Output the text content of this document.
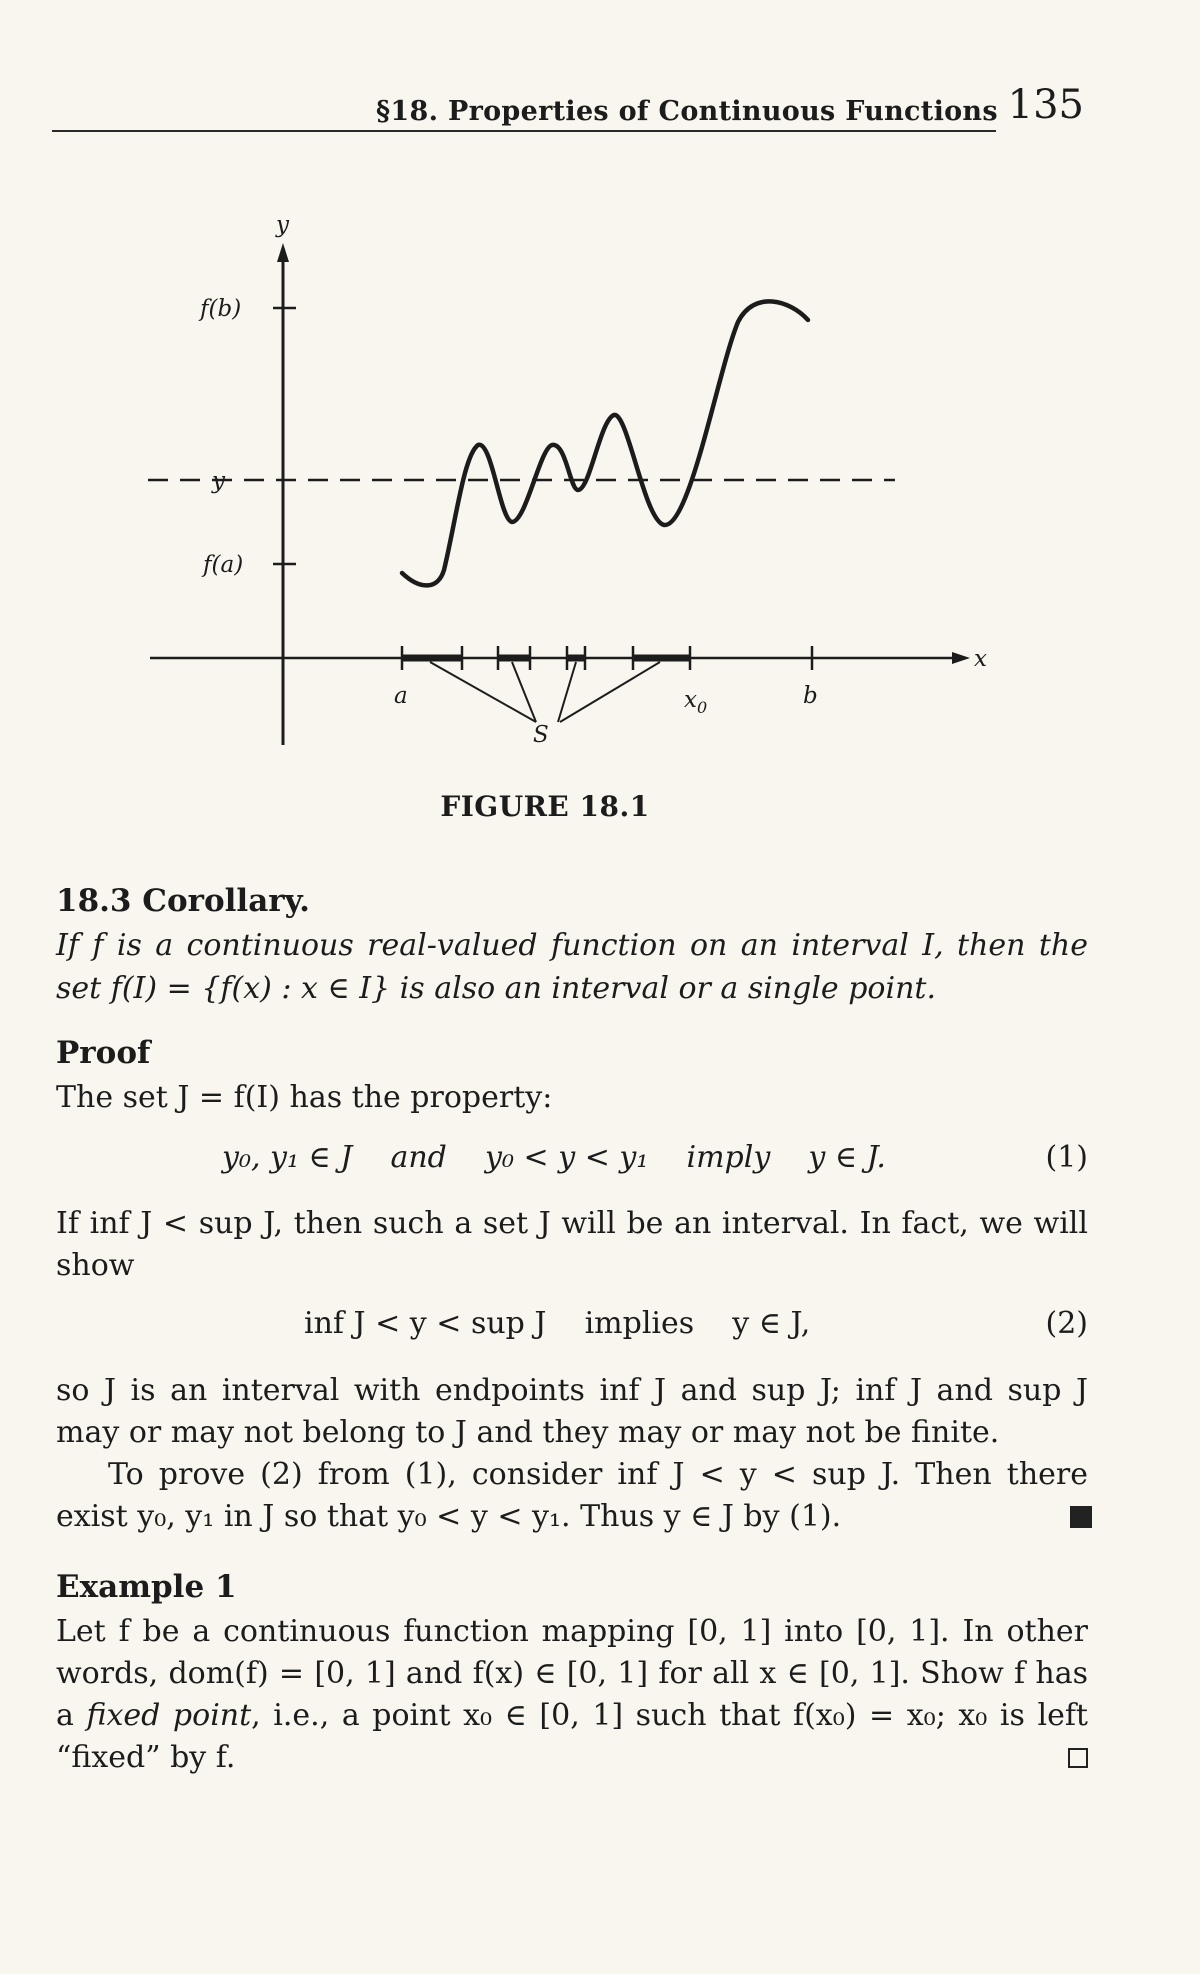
§18. Properties of Continuous Functions 135
y
x
f(b)
y
f(a)
a	$x_0$	b
S
FIGURE 18.1
18.3 Corollary.
If f is a continuous real-valued function on an interval I, then the
set f(I) = {f(x) : x ∈ I} is also an interval or a single point.
Proof
The set J = f(I) has the property:
y₀, y₁ ∈ J    and    y₀ < y < y₁    imply    y ∈ J.	(1)
If inf J < sup J, then such a set J will be an interval. In fact, we will
show
inf J < y < sup J    implies    y ∈ J,	(2)
so J is an interval with endpoints inf J and sup J; inf J and sup J
may or may not belong to J and they may or may not be finite.
To prove (2) from (1), consider inf J < y < sup J. Then there
exist y₀, y₁ in J so that y₀ < y < y₁. Thus y ∈ J by (1).
Example 1
Let f be a continuous function mapping [0, 1] into [0, 1]. In other
words, dom(f) = [0, 1] and f(x) ∈ [0, 1] for all x ∈ [0, 1]. Show f has
a fixed point, i.e., a point x₀ ∈ [0, 1] such that f(x₀) = x₀; x₀ is left
“fixed” by f.
